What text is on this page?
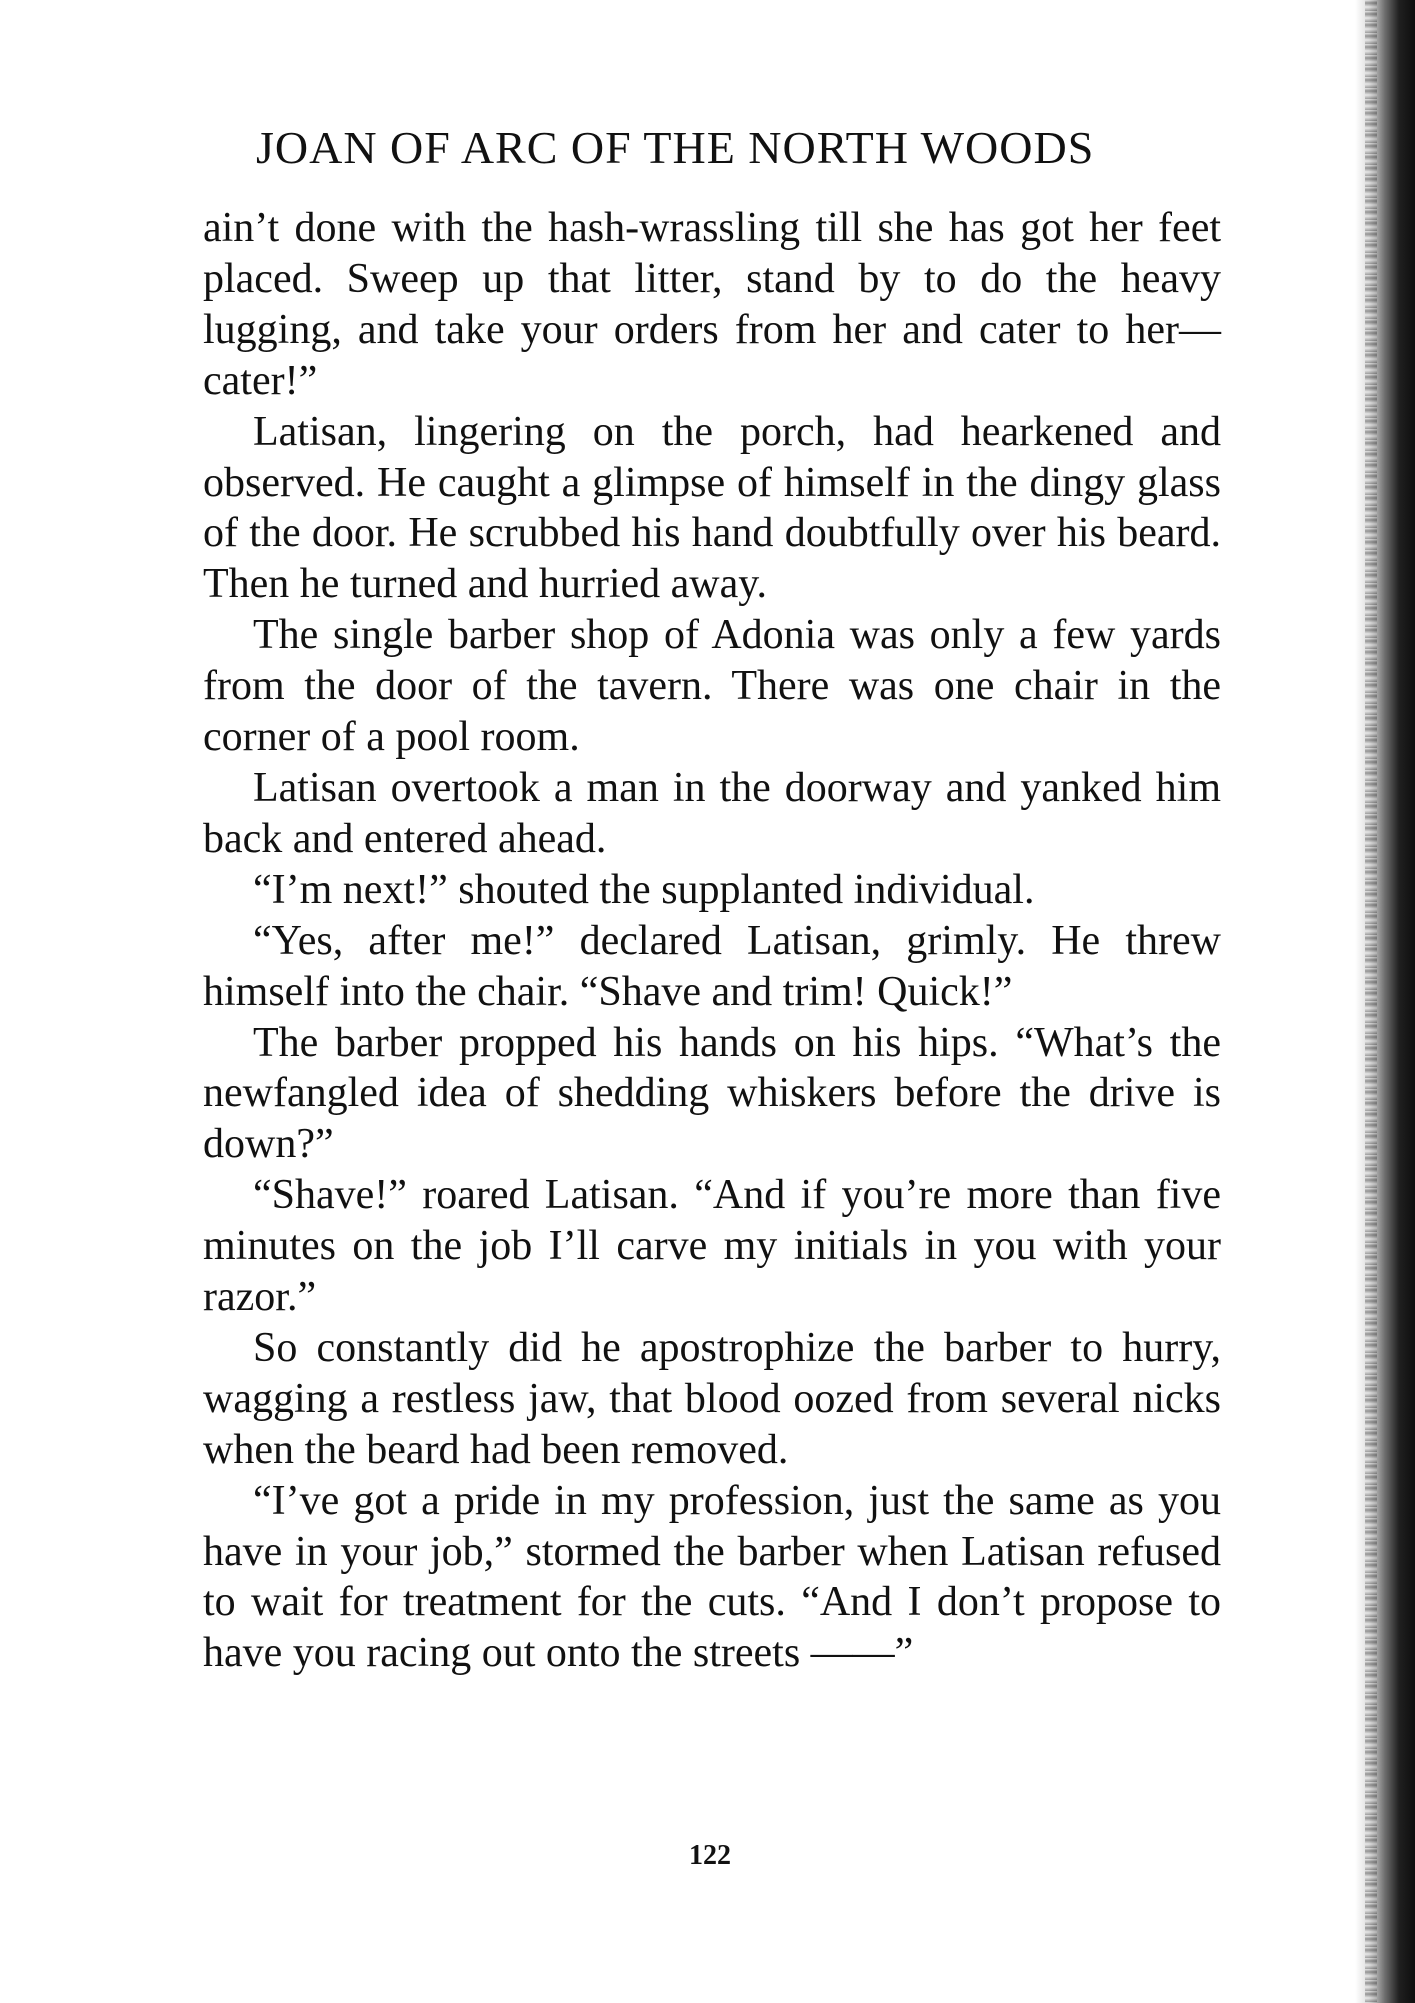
JOAN OF ARC OF THE NORTH WOODS

ain’t done with the hash-wrassling till she has got her feet placed. Sweep up that litter, stand by to do the heavy lugging, and take your orders from her and cater to her—cater!”

Latisan, lingering on the porch, had hearkened and observed. He caught a glimpse of himself in the dingy glass of the door. He scrubbed his hand doubtfully over his beard. Then he turned and hurried away.

The single barber shop of Adonia was only a few yards from the door of the tavern. There was one chair in the corner of a pool room.

Latisan overtook a man in the doorway and yanked him back and entered ahead.

“I’m next!” shouted the supplanted individual.

“Yes, after me!” declared Latisan, grimly. He threw himself into the chair. “Shave and trim! Quick!”

The barber propped his hands on his hips. “What’s the newfangled idea of shedding whiskers before the drive is down?”

“Shave!” roared Latisan. “And if you’re more than five minutes on the job I’ll carve my initials in you with your razor.”

So constantly did he apostrophize the barber to hurry, wagging a restless jaw, that blood oozed from several nicks when the beard had been removed.

“I’ve got a pride in my profession, just the same as you have in your job,” stormed the barber when Latisan refused to wait for treatment for the cuts. “And I don’t propose to have you racing out onto the streets ——”

122
